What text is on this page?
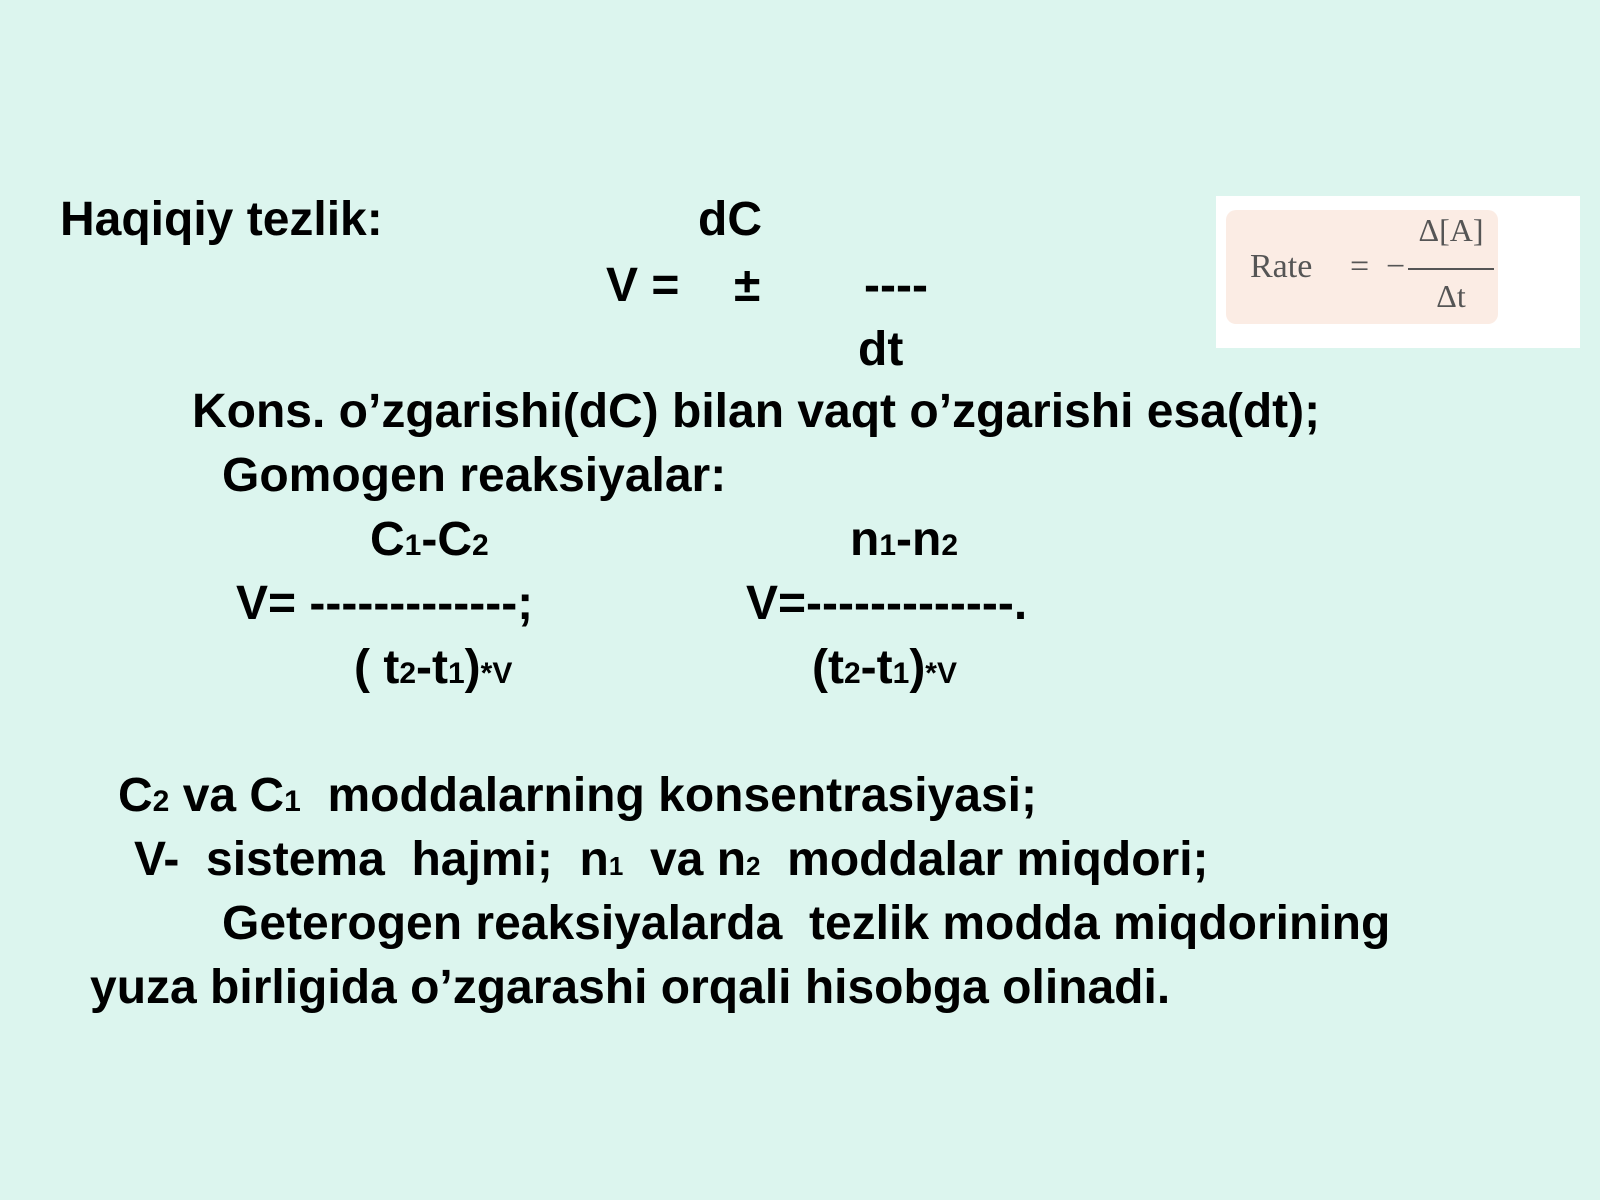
Haqiqiy tezlik:	dC
V = ± ----
dt
Rate = −
Δ[A]
Δt
Kons. o’zgarishi(dC) bilan vaqt o’zgarishi esa(dt);
Gomogen reaksiyalar:
C1-C2
V= -------------;
( t2-t1)*V
n1-n2
V=-------------.
(t2-t1)*V
C2 va C1  moddalarning konsentrasiyasi;
V-  sistema  hajmi;  n1  va n2  moddalar miqdori;
Geterogen reaksiyalarda  tezlik modda miqdorining
yuza birligida o’zgarashi orqali hisobga olinadi.
